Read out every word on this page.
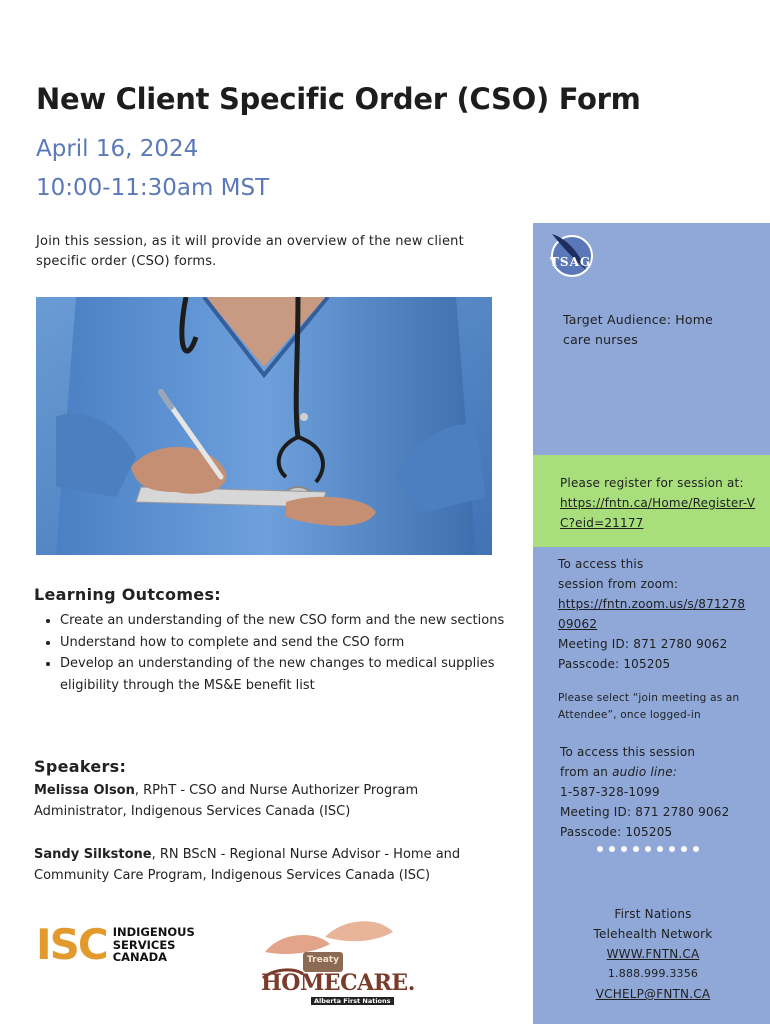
New Client Specific Order (CSO) Form
April 16, 2024
10:00-11:30am MST
Join this session, as it will provide an overview of the new client specific order (CSO) forms.
Learning Outcomes:
• Create an understanding of the new CSO form and the new sections
• Understand how to complete and send the CSO form
• Develop an understanding of the new changes to medical supplies eligibility through the MS&E benefit list
Speakers:
Melissa Olson, RPhT - CSO and Nurse Authorizer Program Administrator, Indigenous Services Canada (ISC)
Sandy Silkstone, RN BScN - Regional Nurse Advisor - Home and Community Care Program, Indigenous Services Canada (ISC)
ISC INDIGENOUS
SERVICES
CANADA	Treaty
HOMECARE.
Alberta First Nations
TSAG
Target Audience: Home care nurses
Please register for session at:
https://fntn.ca/Home/Register-VC?eid=21177
To access this session from zoom:
https://fntn.zoom.us/s/87127809062
Meeting ID: 871 2780 9062
Passcode: 105205
Please select “join meeting as an Attendee”, once logged-in
To access this session from an audio line:
1-587-328-1099
Meeting ID: 871 2780 9062
Passcode: 105205
First Nations
Telehealth Network
WWW.FNTN.CA
1.888.999.3356
VCHELP@FNTN.CA
